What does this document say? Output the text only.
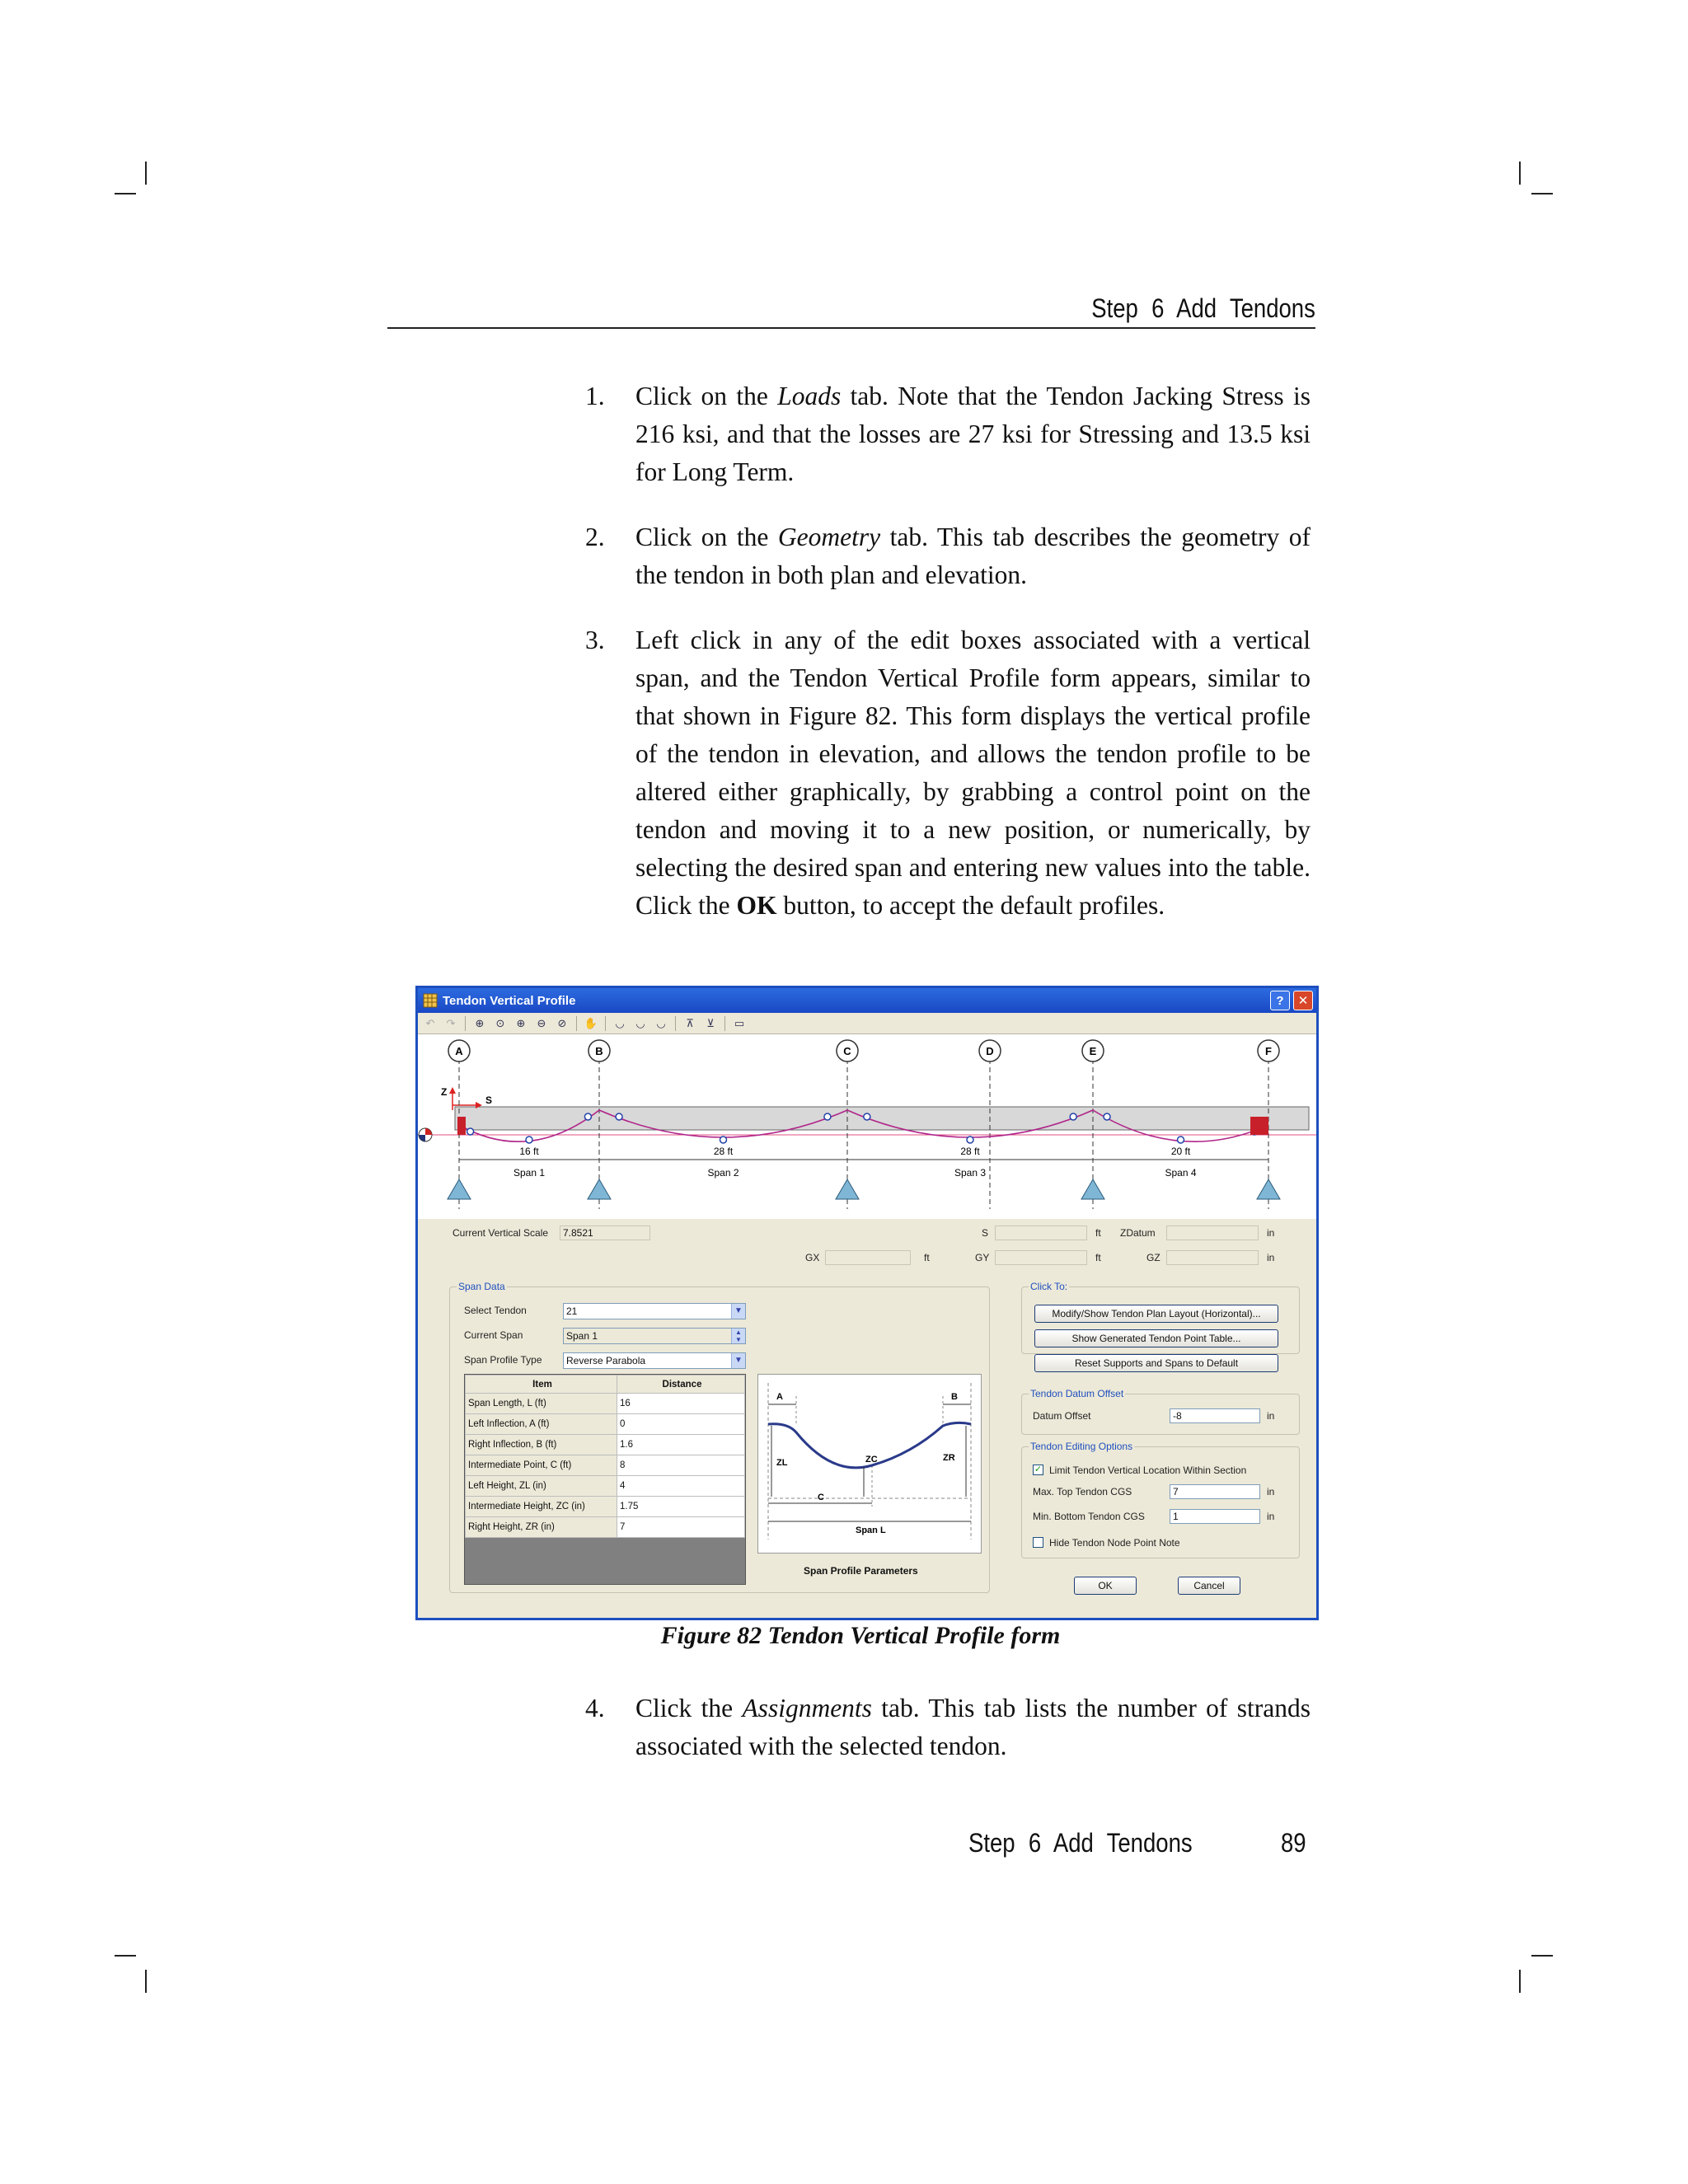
Step 6 Add Tendons
1. Click on the Loads tab. Note that the Tendon Jacking Stress is 216 ksi, and that the losses are 27 ksi for Stressing and 13.5 ksi for Long Term.
2. Click on the Geometry tab. This tab describes the geometry of the tendon in both plan and elevation.
3. Left click in any of the edit boxes associated with a vertical span, and the Tendon Vertical Profile form appears, similar to that shown in Figure 82. This form displays the vertical profile of the tendon in elevation, and allows the tendon profile to be altered either graphically, by grabbing a control point on the tendon and moving it to a new position, or numerically, by selecting the desired span and entering new values into the table. Click the OK button, to accept the default profiles.
Tendon Vertical Profile	?	✕
↶	↷	⊕	⊙	⊕	⊖	⊘	✋	◡	◡	◡	⊼	⊻	▭
Z
S
A	B	C	D	E	F
16 ft
Span 1
28 ft
Span 2
28 ft
Span 3
20 ft
Span 4
Current Vertical Scale	7.8521	S	ft ZDatum	in
GX	ft	GY	ft	GZ	in
Span Data
Select Tendon	21	▼
Current Span	Span 1	▲
▼
Span Profile Type	Reverse Parabola	▼
Item	Distance
Span Length, L (ft)	16
Left Inflection, A (ft)	0
Right Inflection, B (ft)	1.6
Intermediate Point, C (ft)	8
Left Height, ZL (in)	4
Intermediate Height, ZC (in)	1.75
Right Height, ZR (in)	7
A	B
ZL	ZC	ZR
C
Span L
Span Profile Parameters
Click To:
Modify/Show Tendon Plan Layout (Horizontal)...
Show Generated Tendon Point Table...
Reset Supports and Spans to Default
Tendon Datum Offset
Datum Offset	-8	in
Tendon Editing Options
✓ Limit Tendon Vertical Location Within Section
Max. Top Tendon CGS	7	in
Min. Bottom Tendon CGS	1	in
Hide Tendon Node Point Note
OK	Cancel
Figure 82 Tendon Vertical Profile form
4. Click the Assignments tab. This tab lists the number of strands associated with the selected tendon.
Step 6 Add Tendons	89
